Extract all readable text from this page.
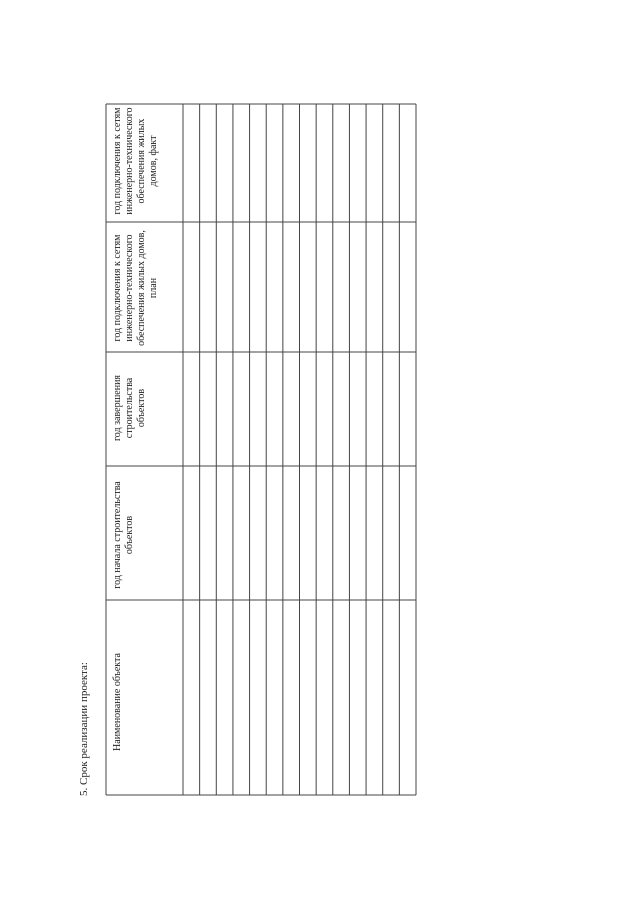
5. Срок реализации проекта: Наименование объекта
год начала строительства объектов
год завершения строительства объектов
год подключения к сетям инженерно-технического обеспечения жилых домов, план
год подключения к сетям инженерно-технического обеспечения жилых домов, факт
